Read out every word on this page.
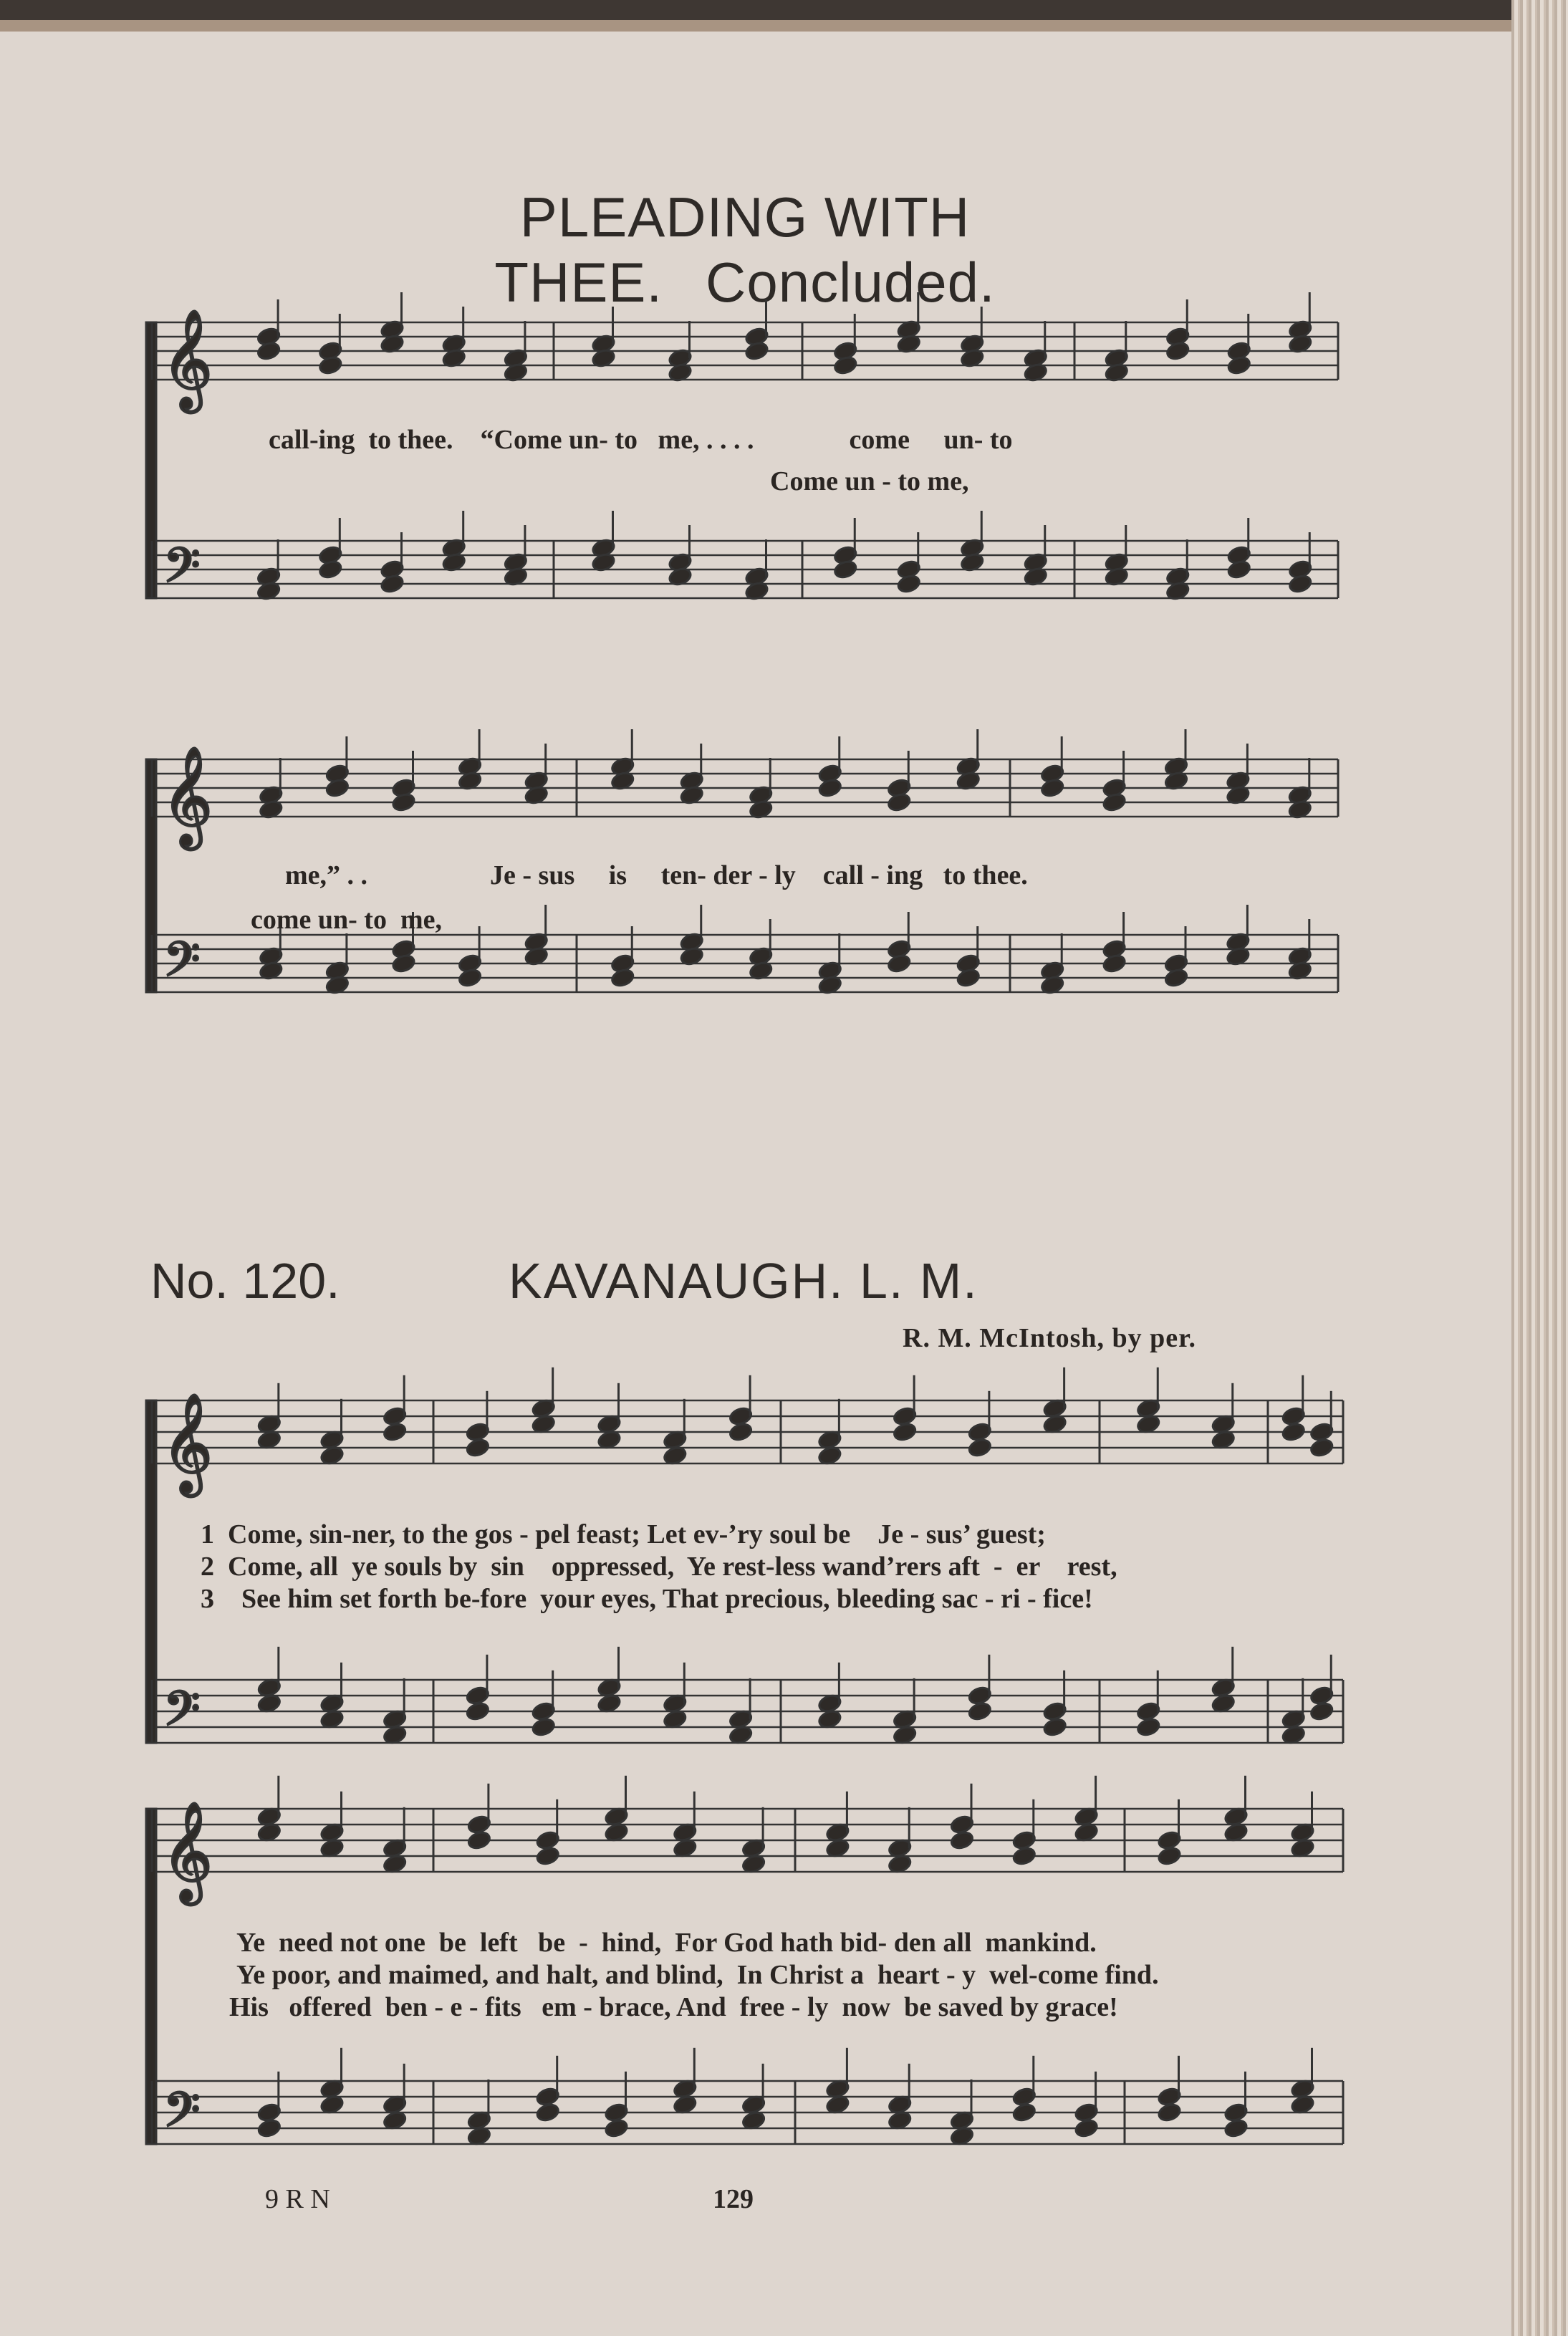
PLEADING WITH THEE. Concluded.
𝄞
𝄢
𝄞
𝄢
𝄞
𝄢
𝄞
𝄢
call-ing  to thee.    “Come un- to   me, . . . .              come     un- to
Come un - to me,
me,” . .                  Je - sus     is     ten- der - ly    call - ing   to thee.
come un- to  me,
No. 120.	KAVANAUGH. L. M.
R. M. McIntosh, by per.
1  Come, sin-ner, to the gos - pel feast; Let ev-’ry soul be    Je - sus’ guest;
2  Come, all  ye souls by  sin    oppressed,  Ye rest-less wand’rers aft  -  er    rest,
3    See him set forth be-fore  your eyes, That precious, bleeding sac - ri - fice!
Ye  need not one  be  left   be  -  hind,  For God hath bid- den all  mankind.
Ye poor, and maimed, and halt, and blind,  In Christ a  heart - y  wel-come find.
His   offered  ben - e - fits   em - brace, And  free - ly  now  be saved by grace!
9 R N	129
